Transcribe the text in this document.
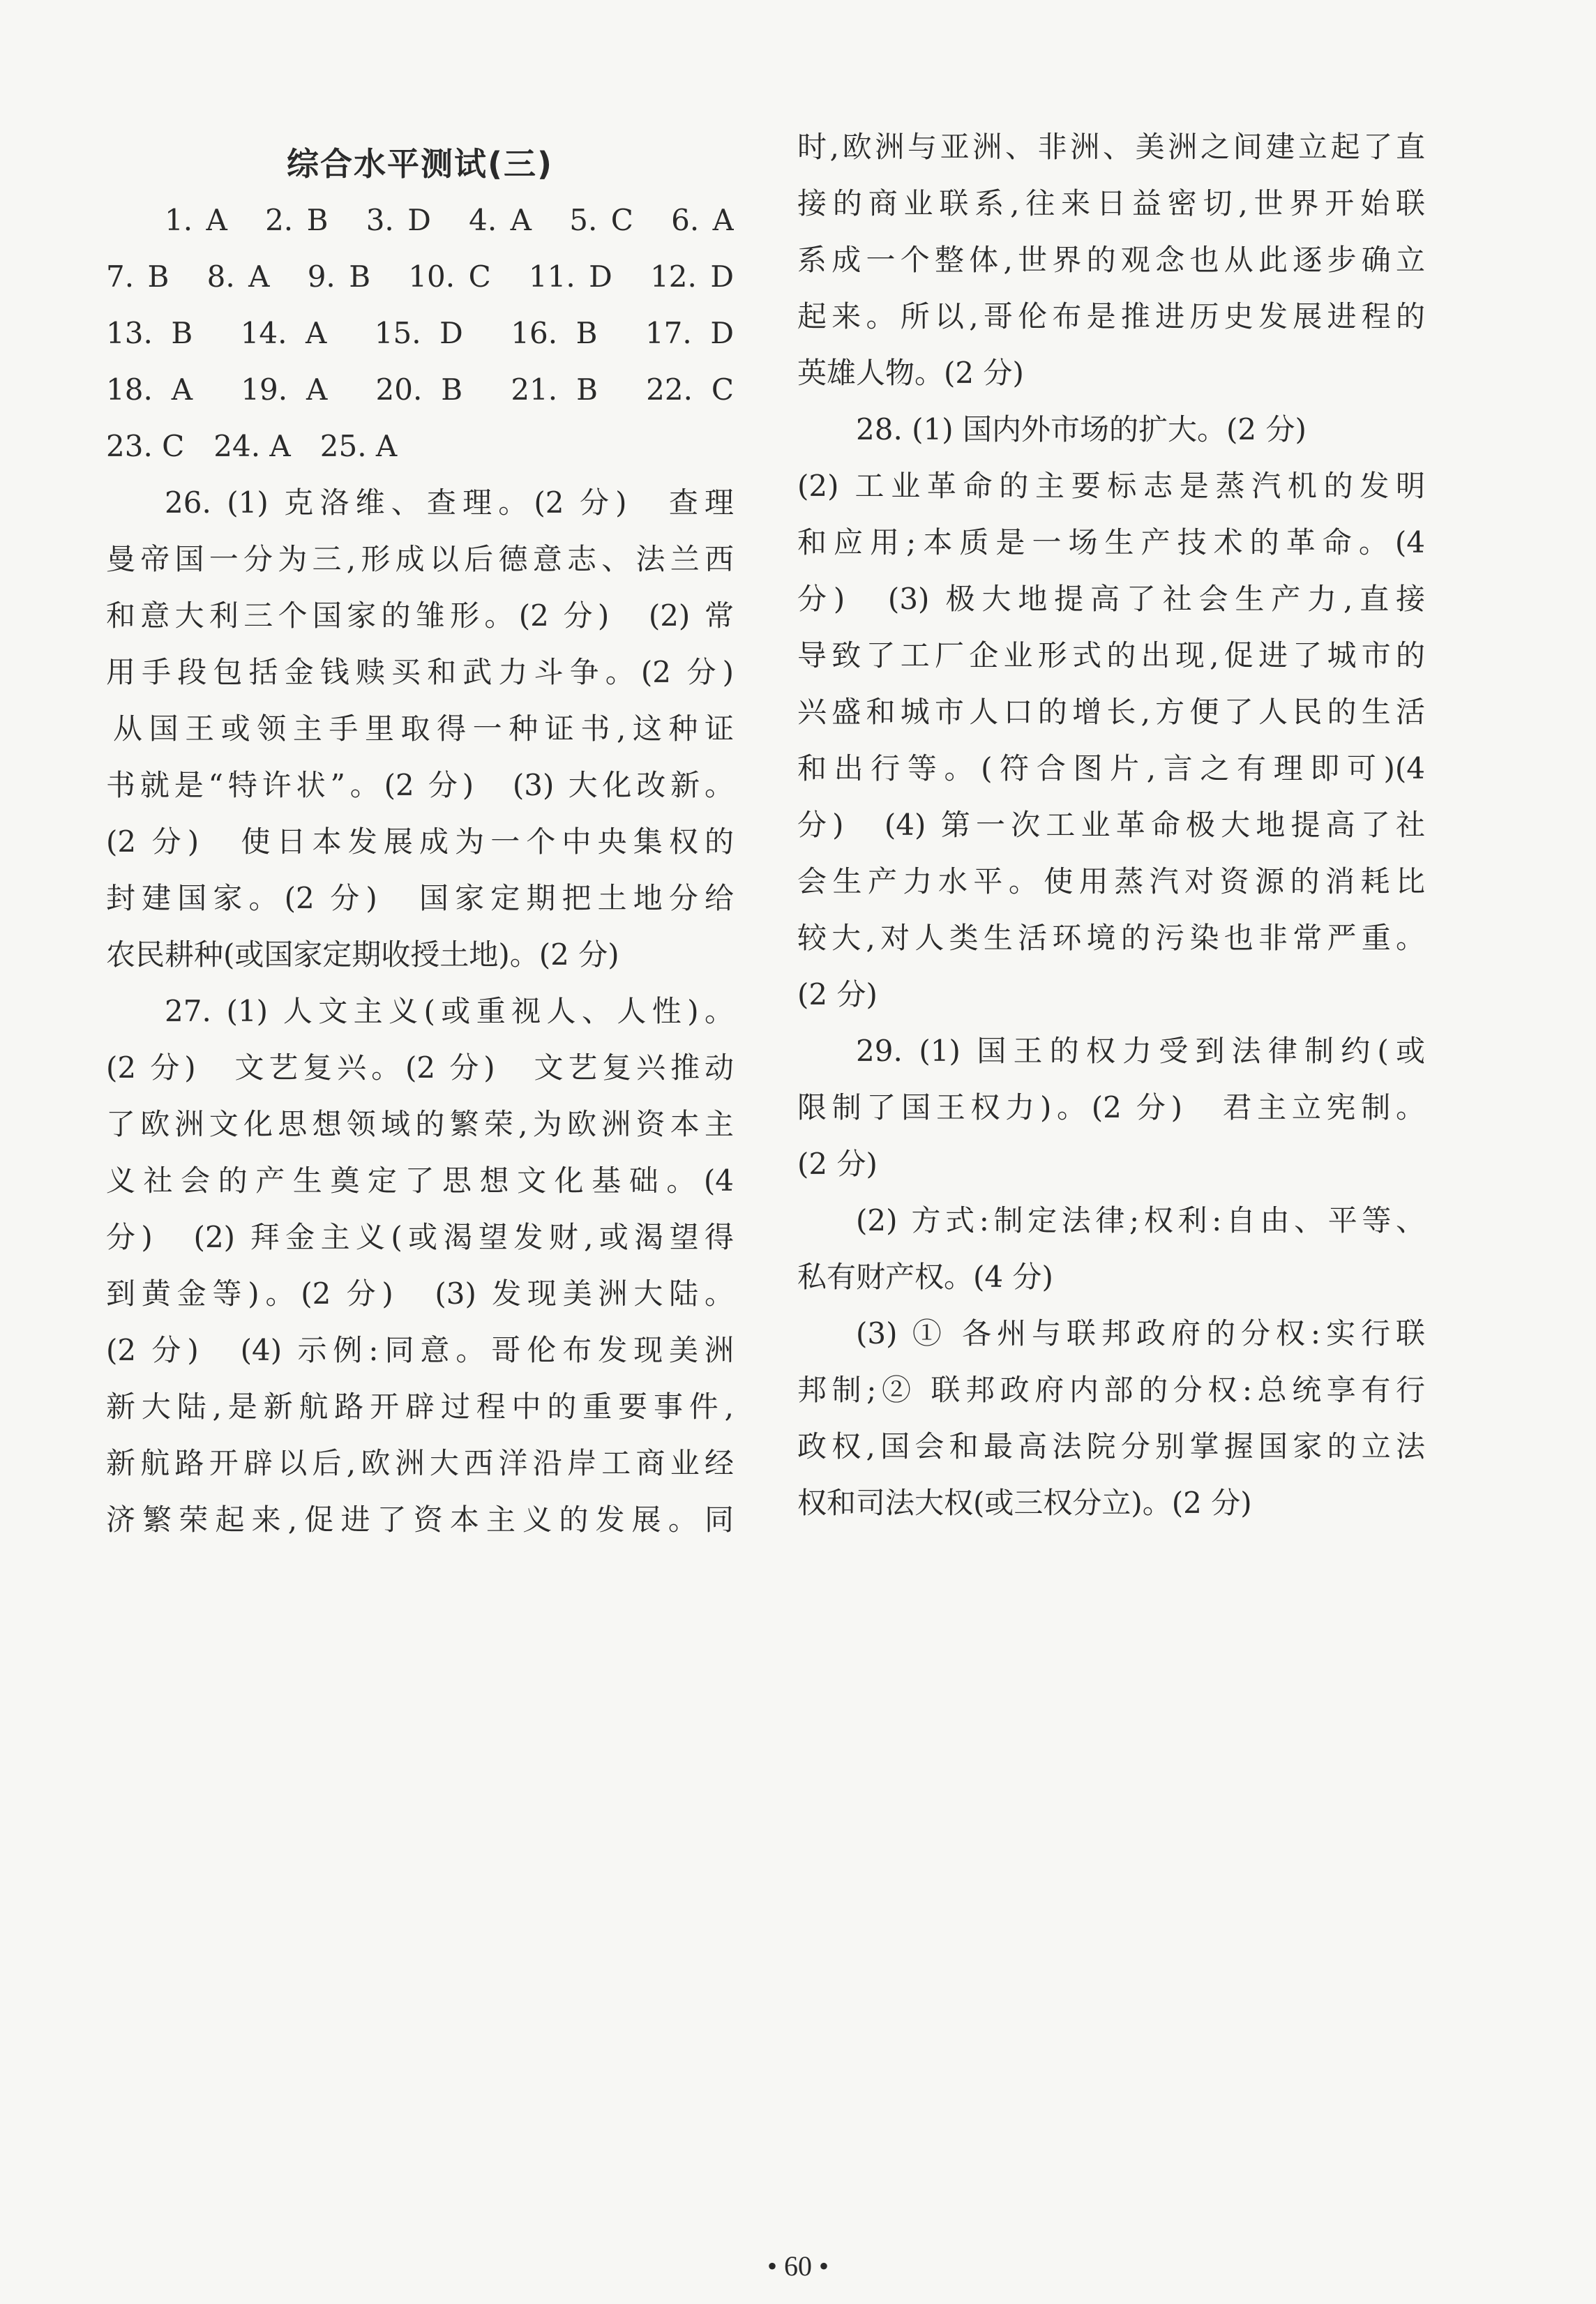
综合水平测试(三)
1. A　2. B　3. D　4. A　5. C　6. A
7. B　8. A　9. B　10. C　11. D　12. D
13. B　14. A　15. D　16. B　17. D
18. A　19. A　20. B　21. B　22. C
23. C　24. A　25. A
26. (1) 克洛维、查理。(2 分)　查理
曼帝国一分为三,形成以后德意志、法兰西
和意大利三个国家的雏形。(2 分)　(2) 常
用手段包括金钱赎买和武力斗争。(2 分)
从国王或领主手里取得一种证书,这种证
书就是“特许状”。(2 分)　(3) 大化改新。
(2 分)　使日本发展成为一个中央集权的
封建国家。(2 分)　国家定期把土地分给
农民耕种(或国家定期收授土地)。(2 分)
27. (1) 人文主义(或重视人、人性)。
(2 分)　文艺复兴。(2 分)　文艺复兴推动
了欧洲文化思想领域的繁荣,为欧洲资本主
义社会的产生奠定了思想文化基础。(4
分)　(2) 拜金主义(或渴望发财,或渴望得
到黄金等)。(2 分)　(3) 发现美洲大陆。
(2 分)　(4) 示例:同意。哥伦布发现美洲
新大陆,是新航路开辟过程中的重要事件,
新航路开辟以后,欧洲大西洋沿岸工商业经
济繁荣起来,促进了资本主义的发展。同
时,欧洲与亚洲、非洲、美洲之间建立起了直
接的商业联系,往来日益密切,世界开始联
系成一个整体,世界的观念也从此逐步确立
起来。所以,哥伦布是推进历史发展进程的
英雄人物。(2 分)
28. (1) 国内外市场的扩大。(2 分)
(2) 工业革命的主要标志是蒸汽机的发明
和应用;本质是一场生产技术的革命。(4
分)　(3) 极大地提高了社会生产力,直接
导致了工厂企业形式的出现,促进了城市的
兴盛和城市人口的增长,方便了人民的生活
和出行等。(符合图片,言之有理即可)(4
分)　(4) 第一次工业革命极大地提高了社
会生产力水平。使用蒸汽对资源的消耗比
较大,对人类生活环境的污染也非常严重。
(2 分)
29. (1) 国王的权力受到法律制约(或
限制了国王权力)。(2 分)　君主立宪制。
(2 分)
(2) 方式:制定法律;权利:自由、平等、
私有财产权。(4 分)
(3) ① 各州与联邦政府的分权:实行联
邦制;② 联邦政府内部的分权:总统享有行
政权,国会和最高法院分别掌握国家的立法
权和司法大权(或三权分立)。(2 分)
• 60 •
